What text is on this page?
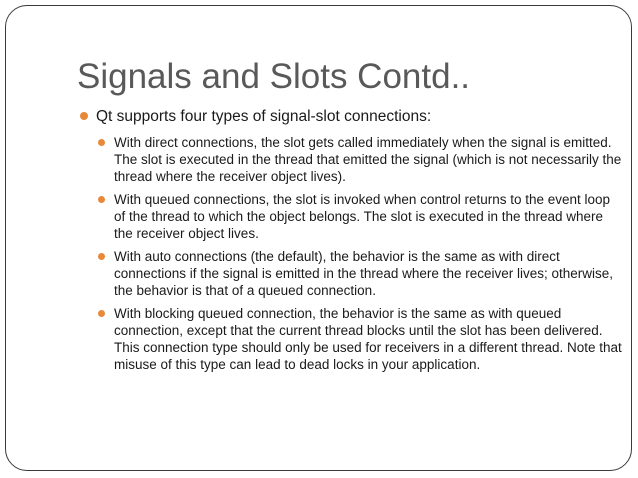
Signals and Slots Contd..
Qt supports four types of signal-slot connections:
With direct connections, the slot gets called immediately when the signal is emitted. The slot is executed in the thread that emitted the signal (which is not necessarily the thread where the receiver object lives).
With queued connections, the slot is invoked when control returns to the event loop of the thread to which the object belongs. The slot is executed in the thread where the receiver object lives.
With auto connections (the default), the behavior is the same as with direct connections if the signal is emitted in the thread where the receiver lives; otherwise, the behavior is that of a queued connection.
With blocking queued connection, the behavior is the same as with queued connection, except that the current thread blocks until the slot has been delivered. This connection type should only be used for receivers in a different thread. Note that misuse of this type can lead to dead locks in your application.
